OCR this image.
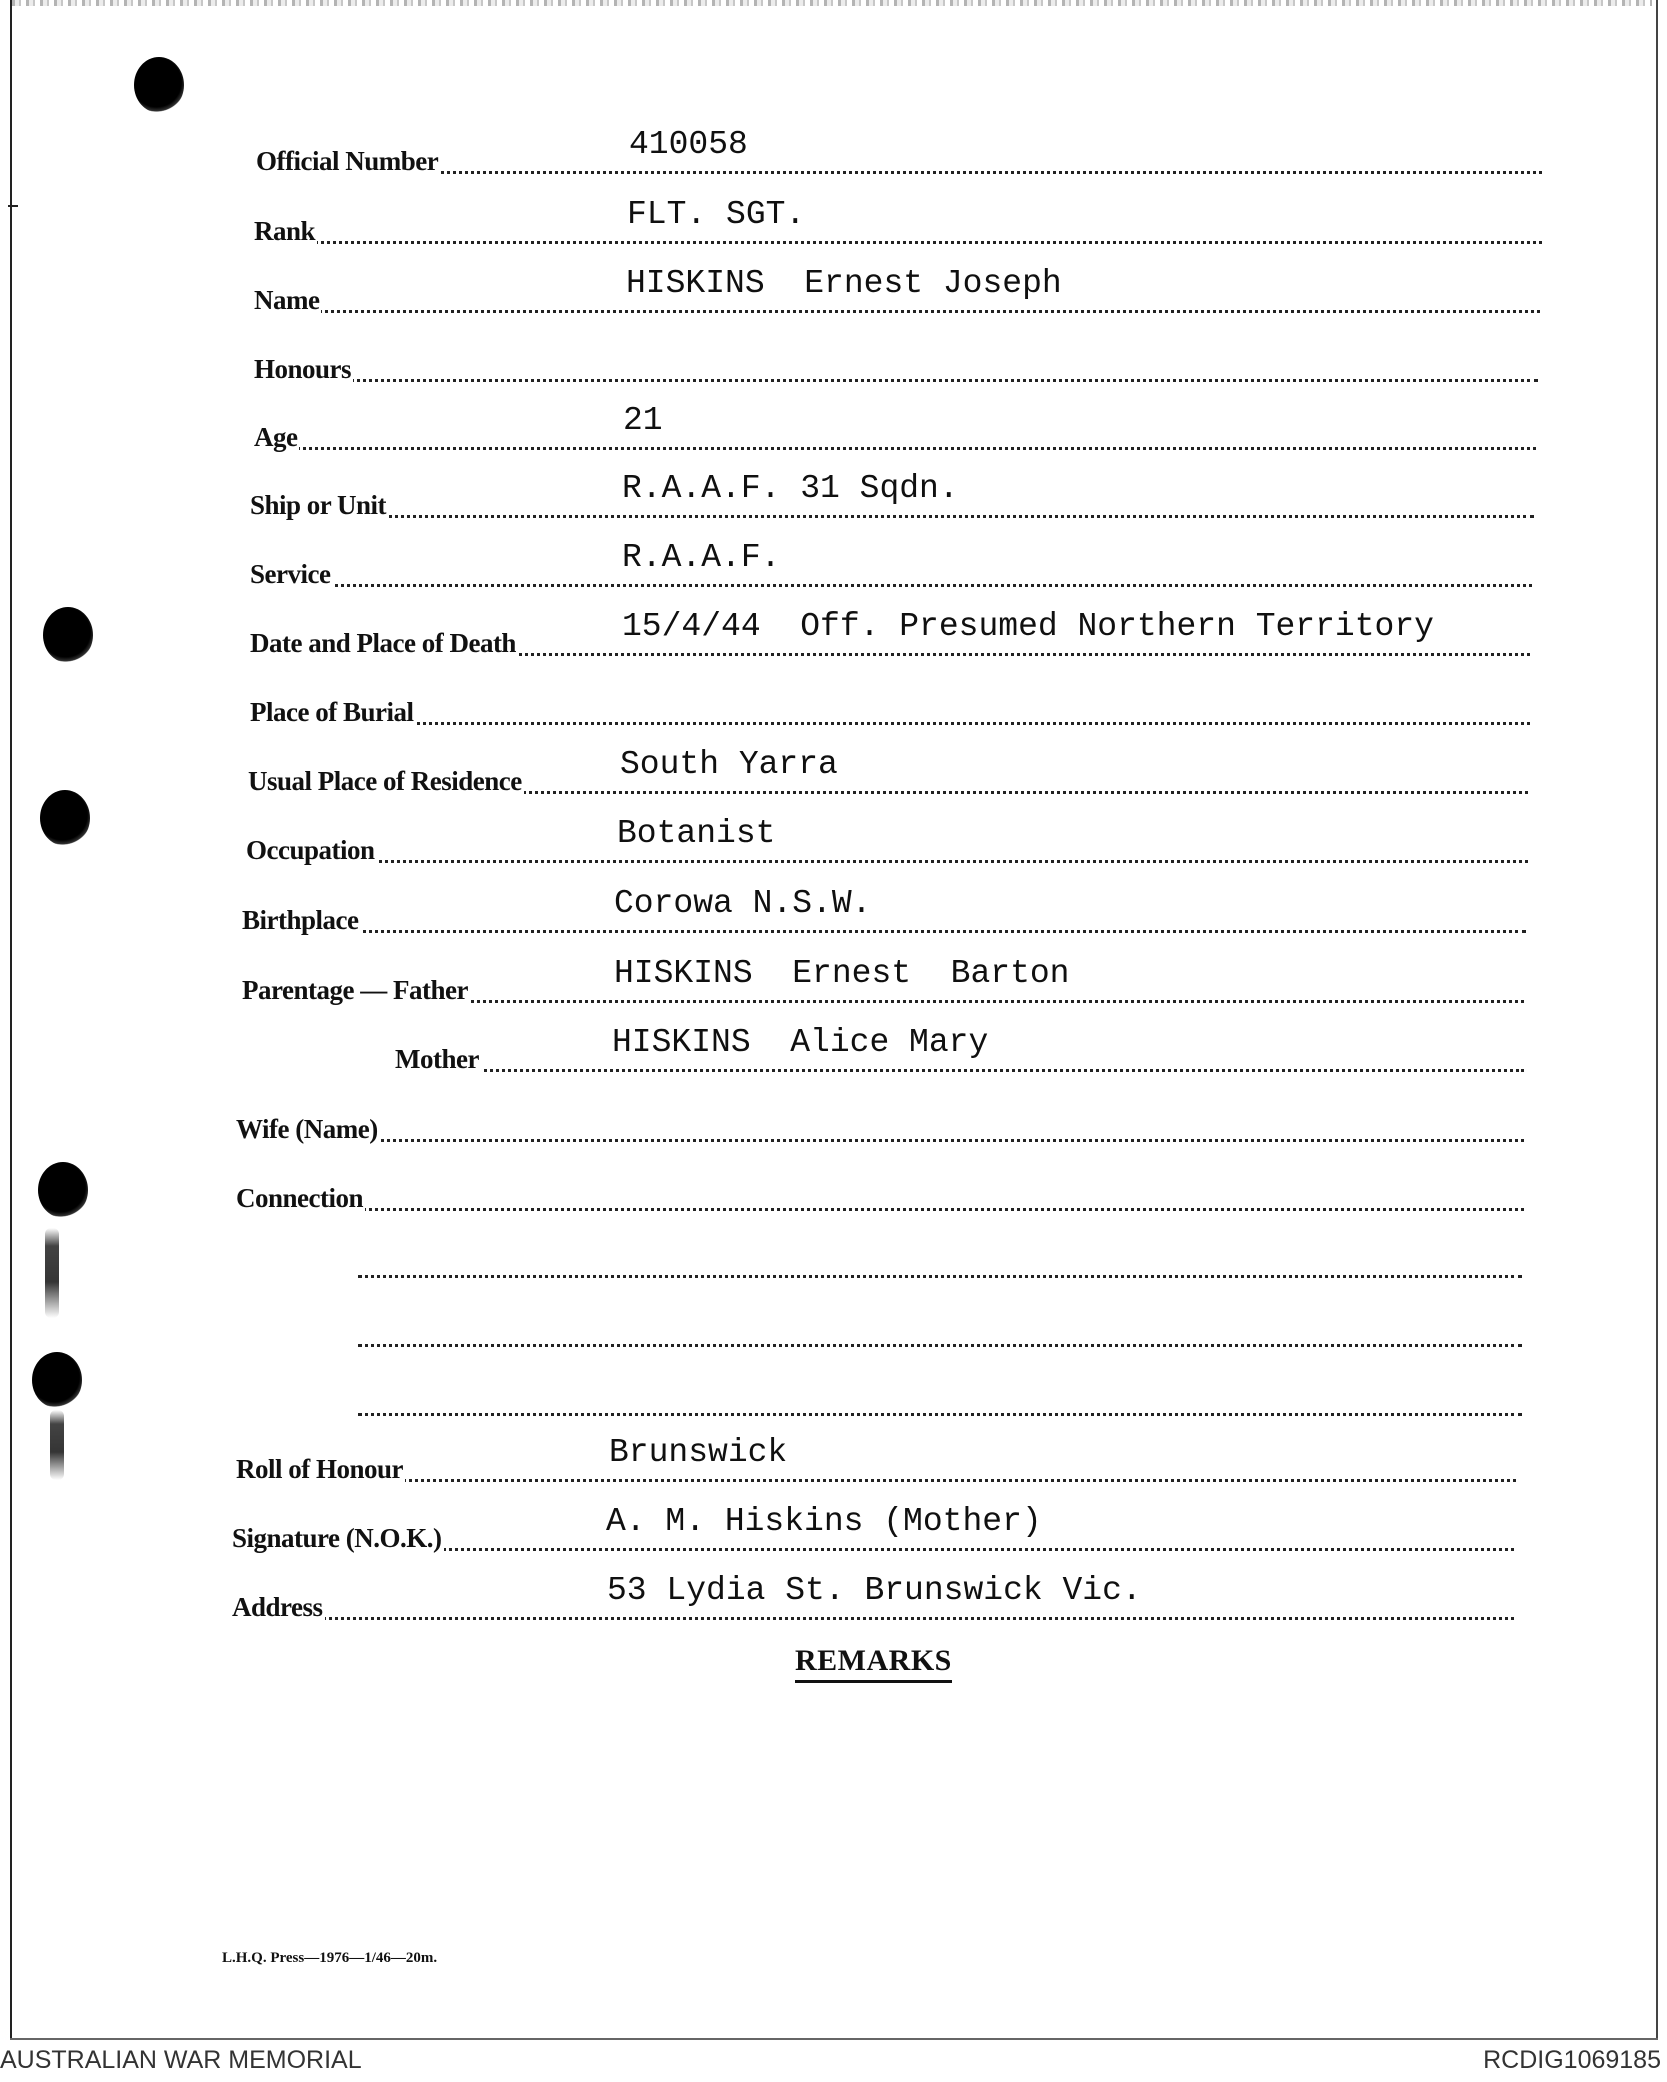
Official Number	410058
Rank	FLT. SGT.
Name	HISKINS  Ernest Joseph
Honours
Age	21
Ship or Unit	R.A.A.F. 31 Sqdn.
Service	R.A.A.F.
Date and Place of Death	15/4/44  Off. Presumed Northern Territory
Place of Burial
Usual Place of Residence	South Yarra
Occupation	Botanist
Birthplace	Corowa N.S.W.
Parentage — Father	HISKINS  Ernest  Barton
Mother	HISKINS  Alice Mary
Wife (Name)
Connection
Roll of Honour	Brunswick
Signature (N.O.K.)	A. M. Hiskins (Mother)
Address	53 Lydia St. Brunswick Vic.
REMARKS
L.H.Q. Press—1976—1/46—20m.
AUSTRALIAN WAR MEMORIAL	RCDIG1069185
